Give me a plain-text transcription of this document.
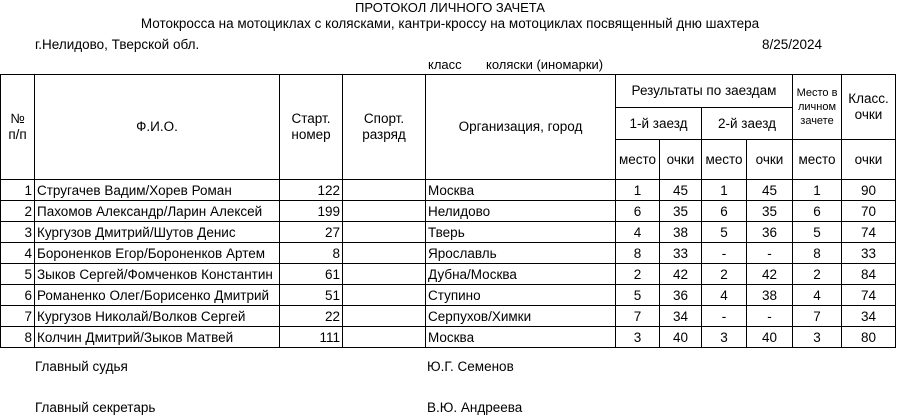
ПРОТОКОЛ ЛИЧНОГО ЗАЧЕТА
Мотокросса на мотоциклах с колясками, кантри-кроссу на мотоциклах посвященный дню шахтера
г.Нелидово, Тверской обл.	8/25/2024
класс коляски (иномарки)
№ п/п	Ф.И.О.	Старт. номер	Спорт. разряд	Организация, город	Результаты по заездам				Место в личном зачете	Класс. очки
					1-й заезд		2-й заезд			
					место	очки	место	очки	место	очки
1	Стругачев Вадим/Хорев Роман	122		Москва	1	45	1	45	1	90
2	Пахомов Александр/Ларин Алексей	199		Нелидово	6	35	6	35	6	70
3	Кургузов Дмитрий/Шутов Денис	27		Тверь	4	38	5	36	5	74
4	Бороненков Егор/Бороненков Артем	8		Ярославль	8	33	-	-	8	33
5	Зыков Сергей/Фомченков Константин	61		Дубна/Москва	2	42	2	42	2	84
6	Романенко Олег/Борисенко Дмитрий	51		Ступино	5	36	4	38	4	74
7	Кургузов Николай/Волков Сергей	22		Серпухов/Химки	7	34	-	-	7	34
8	Колчин Дмитрий/Зыков Матвей	111		Москва	3	40	3	40	3	80
Главный судья	Ю.Г. Семенов
Главный секретарь	В.Ю. Андреева
